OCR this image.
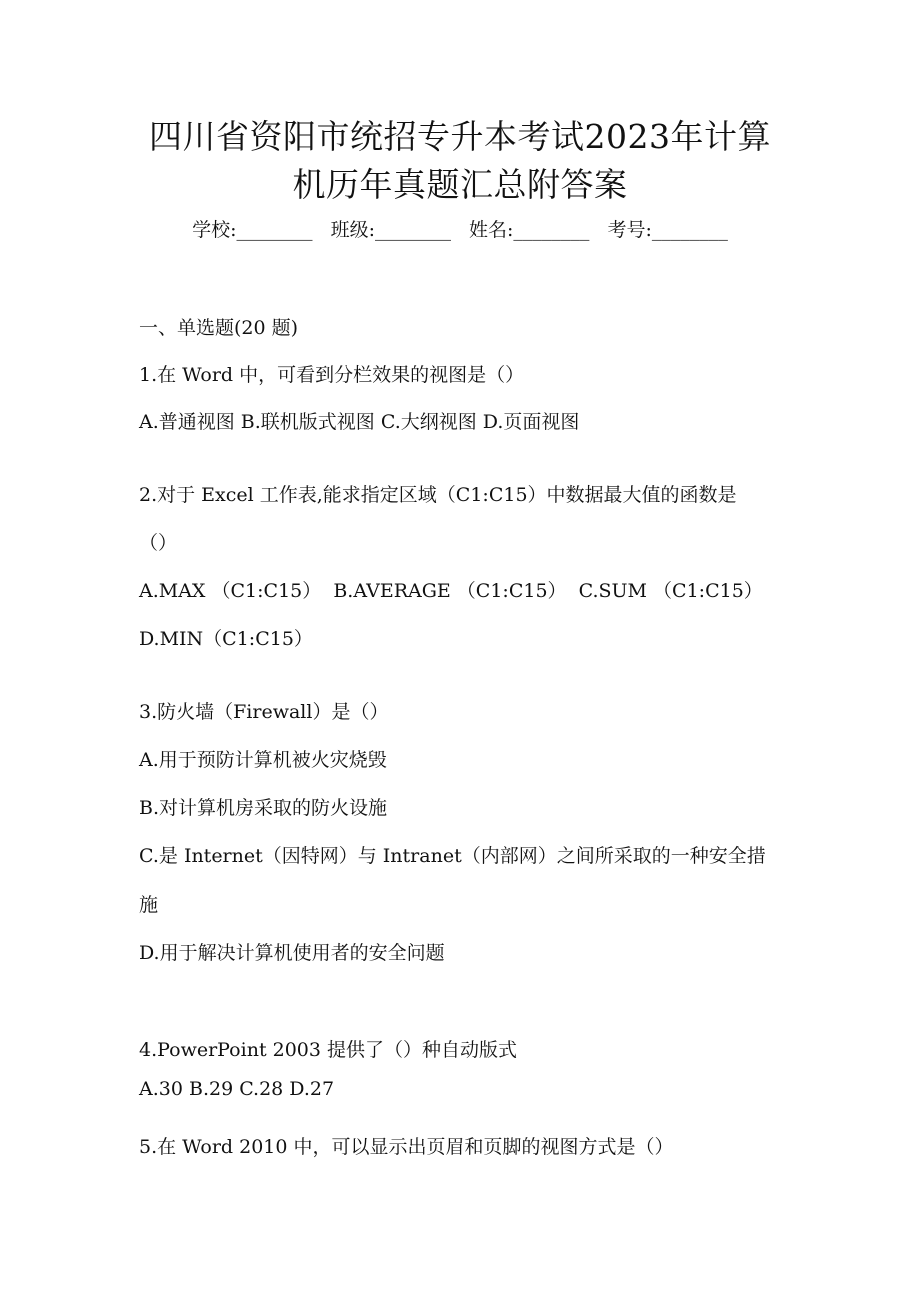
四川省资阳市统招专升本考试2023年计算
机历年真题汇总附答案
学校:________ 班级:________ 姓名:________ 考号:________
一、单选题(20 题)
1.在 Word 中，可看到分栏效果的视图是（）
A.普通视图 B.联机版式视图 C.大纲视图 D.页面视图
2.对于 Excel 工作表,能求指定区域（C1:C15）中数据最大值的函数是
（）
A.MAX （C1:C15）  B.AVERAGE （C1:C15）  C.SUM （C1:C15）
D.MIN（C1:C15）
3.防火墙（Firewall）是（）
A.用于预防计算机被火灾烧毁
B.对计算机房采取的防火设施
C.是 Internet（因特网）与 Intranet（内部网）之间所采取的一种安全措
施
D.用于解决计算机使用者的安全问题
4.PowerPoint 2003 提供了（）种自动版式
A.30 B.29 C.28 D.27
5.在 Word 2010 中，可以显示出页眉和页脚的视图方式是（）
